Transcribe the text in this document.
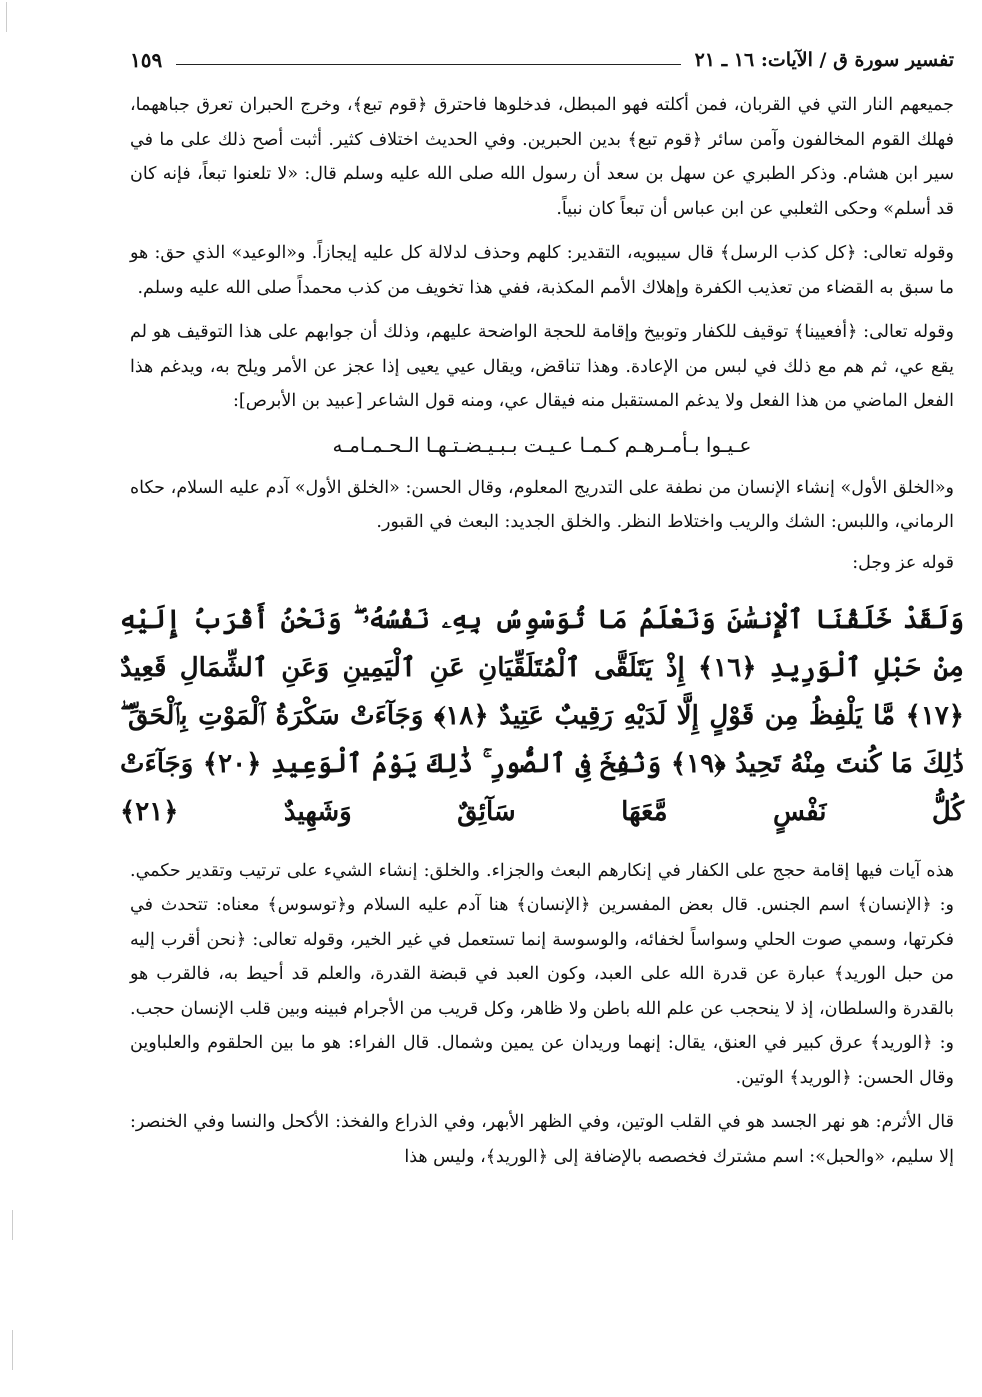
تفسير سورة ق / الآيات: ١٦ ـ ٢١
١٥٩

جميعهم النار التي في القربان، فمن أكلته فهو المبطل، فدخلوها فاحترق ﴿قوم تبع﴾، وخرج الحبران تعرق جباههما، فهلك القوم المخالفون وآمن سائر ﴿قوم تبع﴾ بدين الحبرين. وفي الحديث اختلاف كثير. أثبت أصح ذلك على ما في سير ابن هشام. وذكر الطبري عن سهل بن سعد أن رسول الله صلى الله عليه وسلم قال: «لا تلعنوا تبعاً، فإنه كان قد أسلم» وحكى الثعلبي عن ابن عباس أن تبعاً كان نبياً.

وقوله تعالى: ﴿كل كذب الرسل﴾ قال سيبويه، التقدير: كلهم وحذف لدلالة كل عليه إيجازاً. و«الوعيد» الذي حق: هو ما سبق به القضاء من تعذيب الكفرة وإهلاك الأمم المكذبة، ففي هذا تخويف من كذب محمداً صلى الله عليه وسلم.

وقوله تعالى: ﴿أفعيينا﴾ توقيف للكفار وتوبيخ وإقامة للحجة الواضحة عليهم، وذلك أن جوابهم على هذا التوقيف هو لم يقع عي، ثم هم مع ذلك في لبس من الإعادة. وهذا تناقض، ويقال عيي يعيى إذا عجز عن الأمر ويلح به، ويدغم هذا الفعل الماضي من هذا الفعل ولا يدغم المستقبل منه فيقال عي، ومنه قول الشاعر [عبيد بن الأبرص]:

عـيـوا بـأمـرهـم كـمـا عـيـت بـبـيـضـتـهـا الـحـمـامـه

و«الخلق الأول» إنشاء الإنسان من نطفة على التدريج المعلوم، وقال الحسن: «الخلق الأول» آدم عليه السلام، حكاه الرماني، واللبس: الشك والريب واختلاط النظر. والخلق الجديد: البعث في القبور.

قوله عز وجل:
وَلَقَدْ خَلَقْنَا ٱلْإِنسَٰنَ وَنَعْلَمُ مَا تُوَسْوِسُ بِهِۦ نَفْسُهُۥ ۖ وَنَحْنُ أَقْرَبُ إِلَيْهِ مِنْ حَبْلِ ٱلْوَرِيدِ ﴿١٦﴾ إِذْ يَتَلَقَّى ٱلْمُتَلَقِّيَانِ عَنِ ٱلْيَمِينِ وَعَنِ ٱلشِّمَالِ قَعِيدٌ ﴿١٧﴾ مَّا يَلْفِظُ مِن قَوْلٍ إِلَّا لَدَيْهِ رَقِيبٌ عَتِيدٌ ﴿١٨﴾ وَجَآءَتْ سَكْرَةُ ٱلْمَوْتِ بِٱلْحَقِّ ۖ ذَٰلِكَ مَا كُنتَ مِنْهُ تَحِيدُ ﴿١٩﴾ وَنُفِخَ فِى ٱلصُّورِ ۚ ذَٰلِكَ يَوْمُ ٱلْوَعِيدِ ﴿٢٠﴾ وَجَآءَتْ كُلُّ نَفْسٍ مَّعَهَا سَآئِقٌ وَشَهِيدٌ ﴿٢١﴾

هذه آيات فيها إقامة حجج على الكفار في إنكارهم البعث والجزاء. والخلق: إنشاء الشيء على ترتيب وتقدير حكمي. و: ﴿الإنسان﴾ اسم الجنس. قال بعض المفسرين ﴿الإنسان﴾ هنا آدم عليه السلام و﴿توسوس﴾ معناه: تتحدث في فكرتها، وسمي صوت الحلي وسواساً لخفائه، والوسوسة إنما تستعمل في غير الخير، وقوله تعالى: ﴿نحن أقرب إليه من حبل الوريد﴾ عبارة عن قدرة الله على العبد، وكون العبد في قبضة القدرة، والعلم قد أحيط به، فالقرب هو بالقدرة والسلطان، إذ لا ينحجب عن علم الله باطن ولا ظاهر، وكل قريب من الأجرام فبينه وبين قلب الإنسان حجب. و: ﴿الوريد﴾ عرق كبير في العنق، يقال: إنهما وريدان عن يمين وشمال. قال الفراء: هو ما بين الحلقوم والعلباوين وقال الحسن: ﴿الوريد﴾ الوتين.

قال الأثرم: هو نهر الجسد هو في القلب الوتين، وفي الظهر الأبهر، وفي الذراع والفخذ: الأكحل والنسا وفي الخنصر: إلا سليم، «والحبل»: اسم مشترك فخصصه بالإضافة إلى ﴿الوريد﴾، وليس هذا
